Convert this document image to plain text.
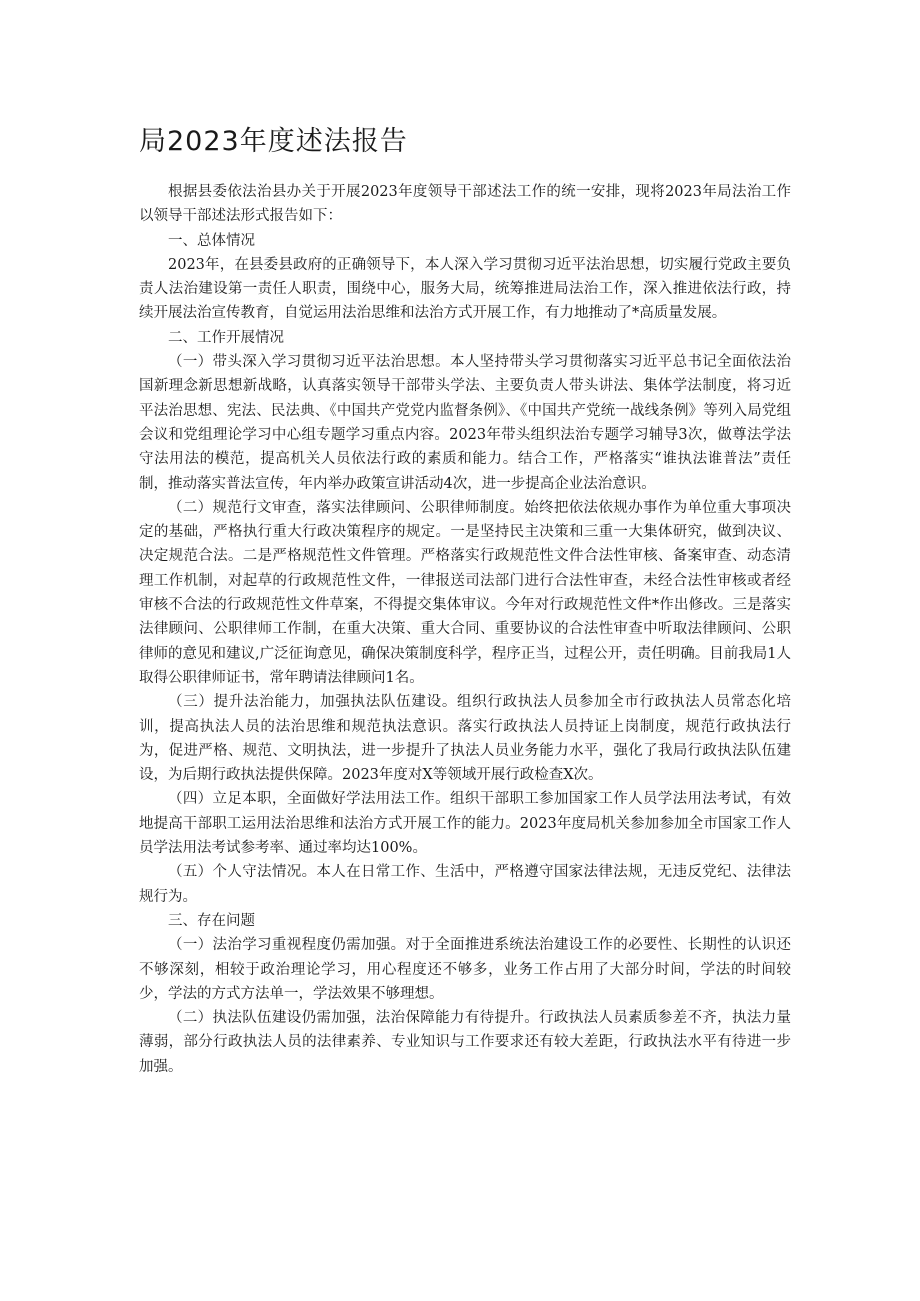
局2023年度述法报告

根据县委依法治县办关于开展2023年度领导干部述法工作的统一安排，现将2023年局法治工作以领导干部述法形式报告如下：

一、总体情况

2023年，在县委县政府的正确领导下，本人深入学习贯彻习近平法治思想，切实履行党政主要负责人法治建设第一责任人职责，围绕中心，服务大局，统筹推进局法治工作，深入推进依法行政，持续开展法治宣传教育，自觉运用法治思维和法治方式开展工作，有力地推动了*高质量发展。

二、工作开展情况

（一）带头深入学习贯彻习近平法治思想。本人坚持带头学习贯彻落实习近平总书记全面依法治国新理念新思想新战略，认真落实领导干部带头学法、主要负责人带头讲法、集体学法制度，将习近平法治思想、宪法、民法典、《中国共产党党内监督条例》、《中国共产党统一战线条例》等列入局党组会议和党组理论学习中心组专题学习重点内容。2023年带头组织法治专题学习辅导3次，做尊法学法守法用法的模范，提高机关人员依法行政的素质和能力。结合工作，严格落实“谁执法谁普法”责任制，推动落实普法宣传，年内举办政策宣讲活动4次，进一步提高企业法治意识。

（二）规范行文审查，落实法律顾问、公职律师制度。始终把依法依规办事作为单位重大事项决定的基础，严格执行重大行政决策程序的规定。一是坚持民主决策和三重一大集体研究，做到决议、决定规范合法。二是严格规范性文件管理。严格落实行政规范性文件合法性审核、备案审查、动态清理工作机制，对起草的行政规范性文件，一律报送司法部门进行合法性审查，未经合法性审核或者经审核不合法的行政规范性文件草案，不得提交集体审议。今年对行政规范性文件*作出修改。三是落实法律顾问、公职律师工作制，在重大决策、重大合同、重要协议的合法性审查中听取法律顾问、公职律师的意见和建议,广泛征询意见，确保决策制度科学，程序正当，过程公开，责任明确。目前我局1人取得公职律师证书，常年聘请法律顾问1名。

（三）提升法治能力，加强执法队伍建设。组织行政执法人员参加全市行政执法人员常态化培训，提高执法人员的法治思维和规范执法意识。落实行政执法人员持证上岗制度，规范行政执法行为，促进严格、规范、文明执法，进一步提升了执法人员业务能力水平，强化了我局行政执法队伍建设，为后期行政执法提供保障。2023年度对X等领域开展行政检查X次。

（四）立足本职，全面做好学法用法工作。组织干部职工参加国家工作人员学法用法考试，有效地提高干部职工运用法治思维和法治方式开展工作的能力。2023年度局机关参加参加全市国家工作人员学法用法考试参考率、通过率均达100%。

（五）个人守法情况。本人在日常工作、生活中，严格遵守国家法律法规，无违反党纪、法律法规行为。

三、存在问题

（一）法治学习重视程度仍需加强。对于全面推进系统法治建设工作的必要性、长期性的认识还不够深刻，相较于政治理论学习，用心程度还不够多，业务工作占用了大部分时间，学法的时间较少，学法的方式方法单一，学法效果不够理想。

（二）执法队伍建设仍需加强，法治保障能力有待提升。行政执法人员素质参差不齐，执法力量薄弱，部分行政执法人员的法律素养、专业知识与工作要求还有较大差距，行政执法水平有待进一步加强。
